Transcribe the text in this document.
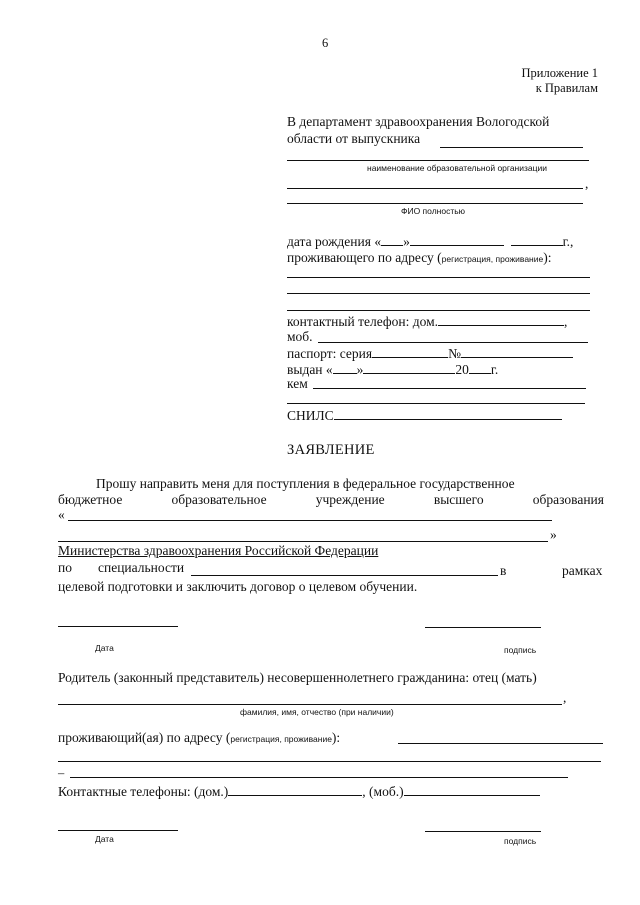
6
Приложение 1
к Правилам
В департамент здравоохранения Вологодской
области от выпускника
наименование образовательной организации
,
ФИО полностью
дата рождения « »	г.,
проживающего по адресу (регистрация, проживание):
контактный телефон: дом.	,
моб.
паспорт: серия	№
выдан « »	20 г.
кем
СНИЛС
ЗАЯВЛЕНИЕ
Прошу направить меня для поступления в федеральное государственное
бюджетное	образовательное	учреждение	высшего	образования
«
»
Министерства здравоохранения Российской Федерации
по специальности	в	рамках
целевой подготовки и заключить договор о целевом обучении.
Дата	подпись
Родитель (законный представитель) несовершеннолетнего гражданина: отец (мать)
,
фамилия, имя, отчество (при наличии)
проживающий(ая) по адресу (регистрация, проживание):
–
Контактные телефоны: (дом.)	, (моб.)
Дата	подпись
